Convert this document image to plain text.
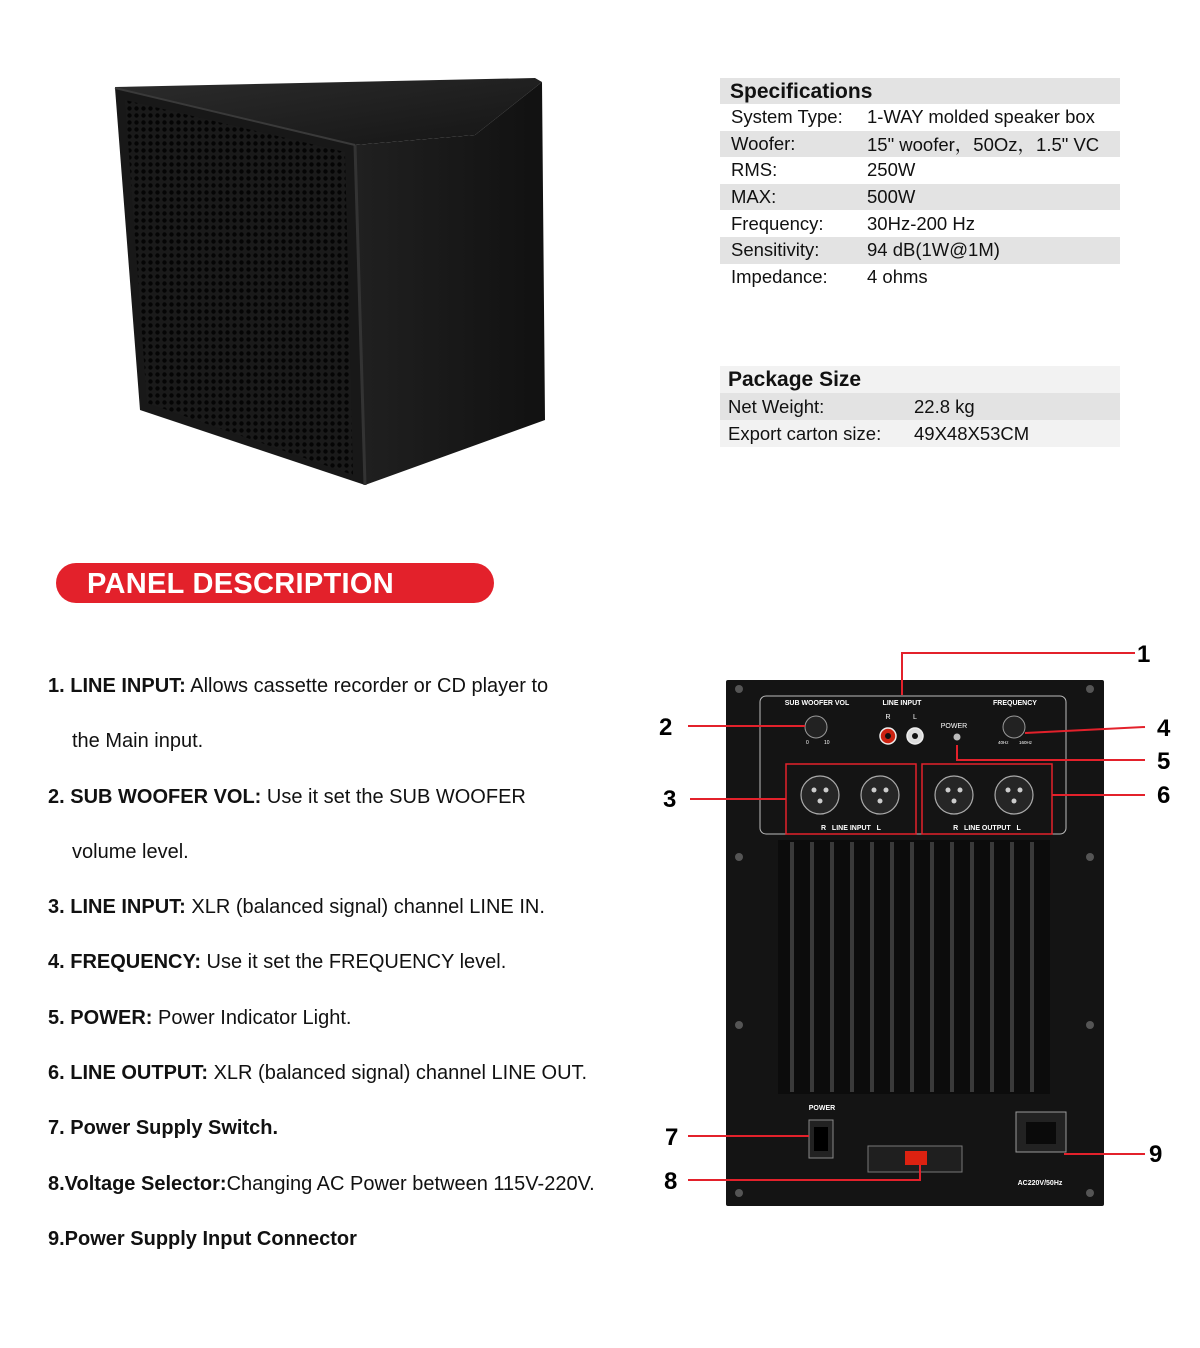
Specifications
System Type:	1-WAY molded speaker box
Woofer:	15" woofer，50Oz，1.5" VC
RMS:	250W
MAX:	500W
Frequency:	30Hz-200 Hz
Sensitivity:	94 dB(1W@1M)
Impedance:	4 ohms
Package Size
Net Weight:	22.8 kg
Export carton size:	49X48X53CM
PANEL DESCRIPTION
1. LINE INPUT: Allows cassette recorder or CD player to
the Main input.
2. SUB WOOFER VOL: Use it set the SUB WOOFER
volume level.
3. LINE INPUT: XLR (balanced signal) channel LINE IN.
4. FREQUENCY: Use it set the FREQUENCY level.
5. POWER: Power Indicator Light.
6. LINE OUTPUT: XLR (balanced signal) channel LINE OUT.
7. Power Supply Switch.
8.Voltage Selector:Changing AC Power between 115V-220V.
9.Power Supply Input Connector
SUB WOOFER VOL	LINE INPUT	FREQUENCY
R	L
POWER
0	10	40Hz 160Hz
R   LINE INPUT   L	R   LINE OUTPUT   L
POWER
AC220V/50Hz
1
2
3
4
5
6
7
8
9
